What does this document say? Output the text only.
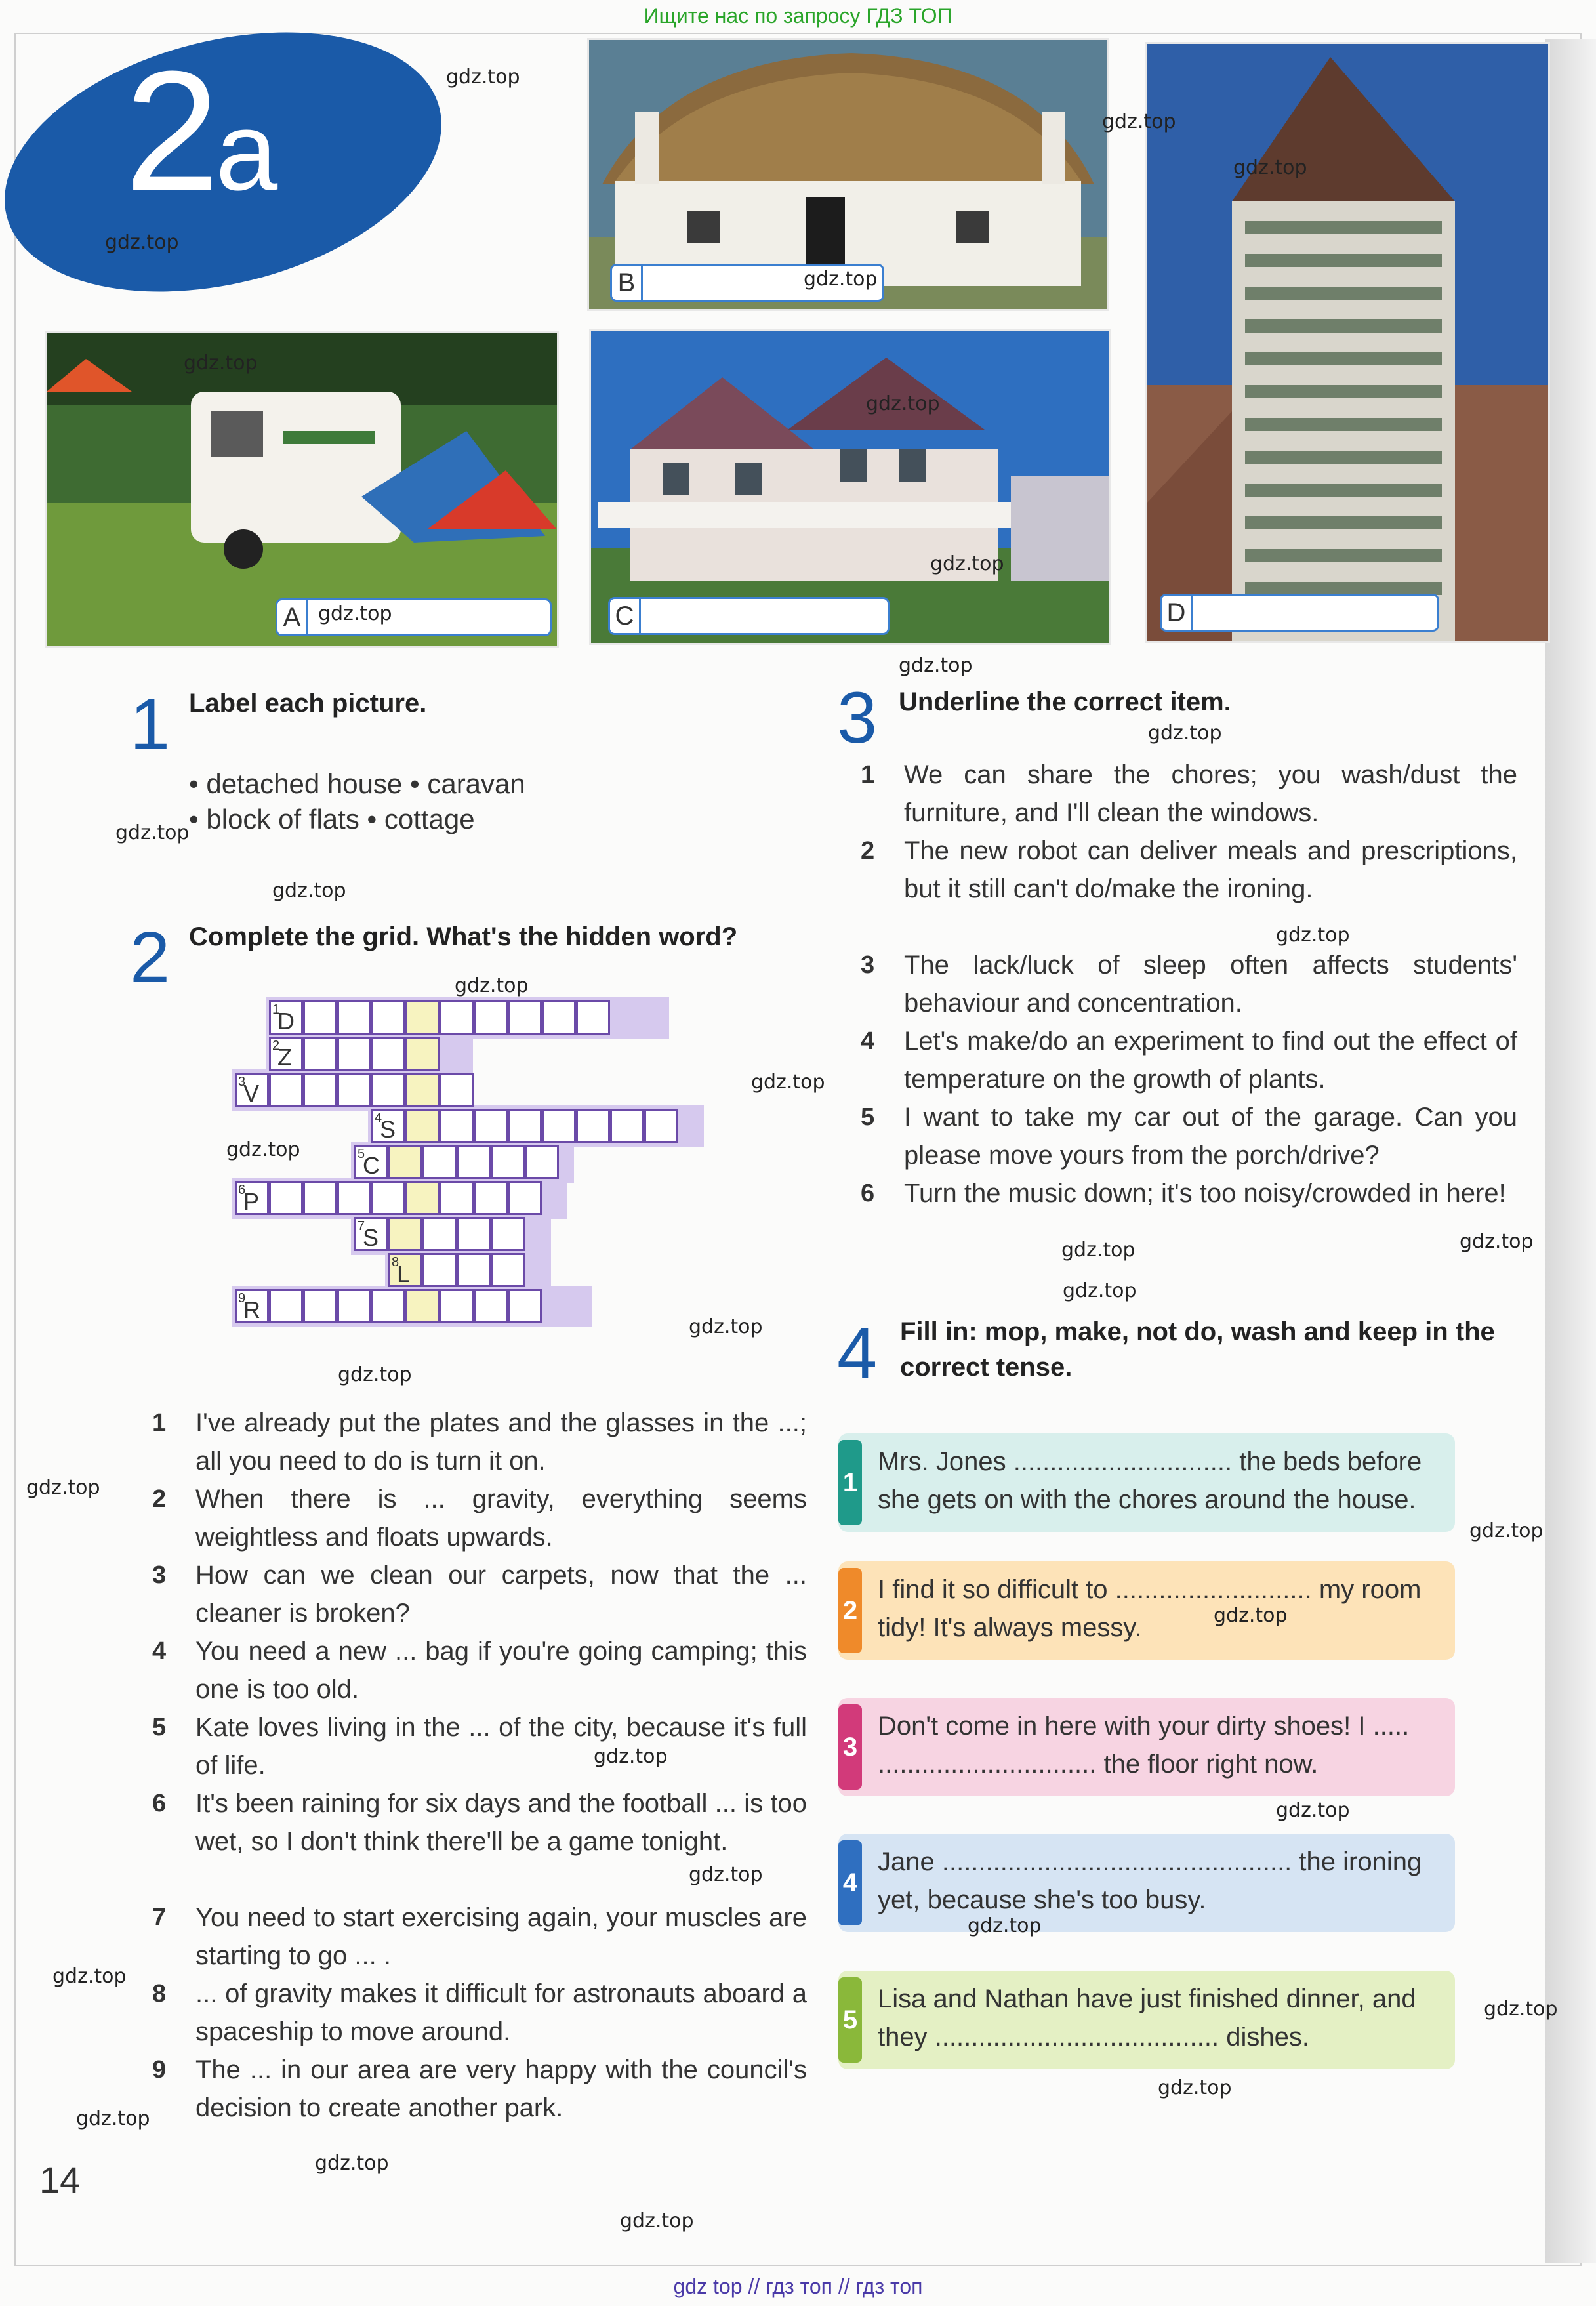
Ищите нас по запросу ГДЗ ТОП
2a
B
D
A	C
1 Label each picture.
• detached house • caravan
• block of flats • cottage
2 Complete the grid. What's the hidden word?
1
D
2
Z
3
V
4
S
5
C
6
P
7
S
8
L
9
R
1 I've already put the plates and the glasses in the ...; all you need to do is turn it on.
2 When there is ... gravity, everything seems weightless and floats upwards.
3 How can we clean our carpets, now that the ... cleaner is broken?
4 You need a new ... bag if you're going camping; this one is too old.
5 Kate loves living in the ... of the city, because it's full of life.
6 It's been raining for six days and the football ... is too wet, so I don't think there'll be a game tonight.
7 You need to start exercising again, your muscles are starting to go ... .
8 ... of gravity makes it difficult for astronauts aboard a spaceship to move around.
9 The ... in our area are very happy with the council's decision to create another park.
3 Underline the correct item.
1 We can share the chores; you wash/dust the furniture, and I'll clean the windows.
2 The new robot can deliver meals and prescriptions, but it still can't do/make the ironing.
3 The lack/luck of sleep often affects students' behaviour and concentration.
4 Let's make/do an experiment to find out the effect of temperature on the growth of plants.
5 I want to take my car out of the garage. Can you please move yours from the porch/drive?
6 Turn the music down; it's too noisy/crowded in here!
4 Fill in: mop, make, not do, wash and keep in the
correct tense.
1
Mrs. Jones .............................. the beds before she gets on with the chores around the house.
2
I find it so difficult to ........................... my room tidy! It's always messy.
3
Don't come in here with your dirty shoes! I ..... .............................. the floor right now.
4
Jane ................................................ the ironing yet, because she's too busy.
5
Lisa and Nathan have just finished dinner, and they ....................................... dishes.
14
gdz.top
gdz.top
gdz.top
gdz.top
gdz.top
gdz.top
gdz.top
gdz.top
gdz.top
gdz.top
gdz.top
gdz.top
gdz.top
gdz.top
gdz.top
gdz.top
gdz.top
gdz.top	gdz.top
gdz.top
gdz.top
gdz.top
gdz.top
gdz.top
gdz.top
gdz.top
gdz.top
gdz.top
gdz.top
gdz.top
gdz.top
gdz.top
gdz.top
gdz.top
gdz.top
gdz top // гдз топ // гдз топ
